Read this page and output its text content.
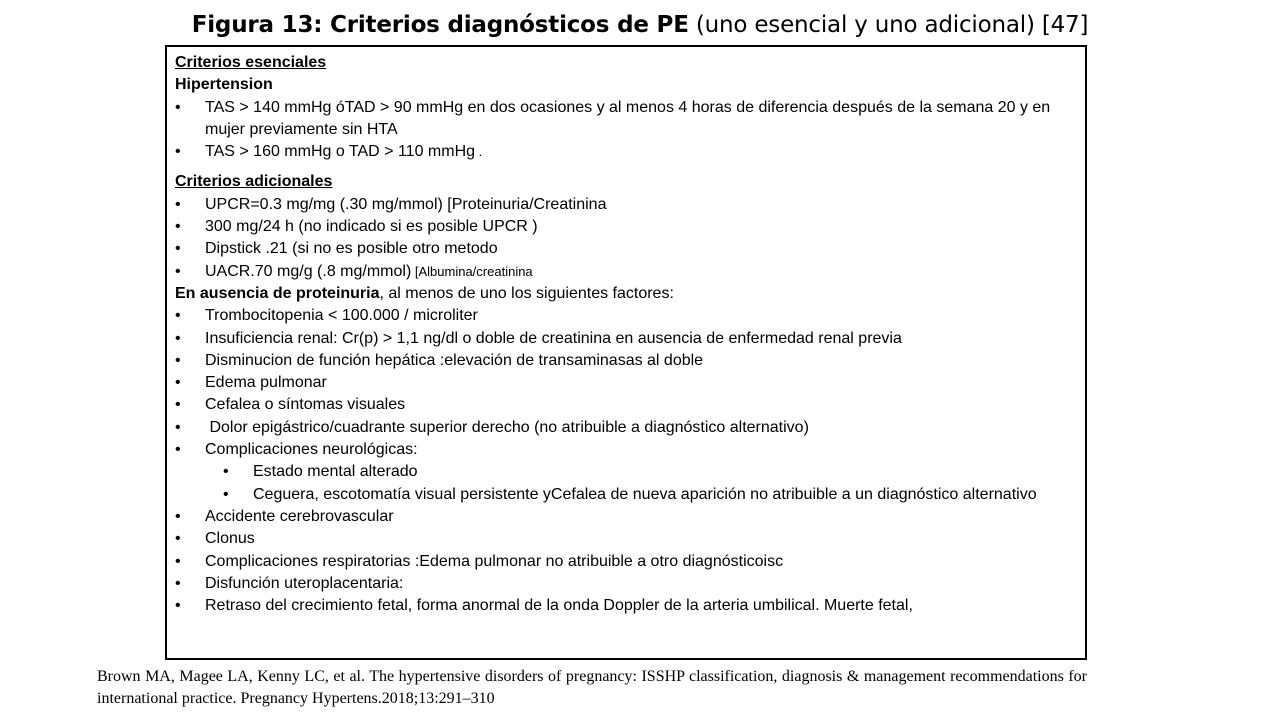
Figura 13: Criterios diagnósticos de PE (uno esencial y uno adicional) [47]
Criterios esenciales
Hipertension
• TAS > 140 mmHg óTAD > 90 mmHg en dos ocasiones y al menos 4 horas de diferencia después de la semana 20 y en mujer previamente sin HTA
• TAS > 160 mmHg o TAD > 110 mmHg .
Criterios adicionales
• UPCR=0.3 mg/mg (.30 mg/mmol) [Proteinuria/Creatinina
• 300 mg/24 h (no indicado si es posible UPCR )
• Dipstick .21 (si no es posible otro metodo
• UACR.70 mg/g (.8 mg/mmol) [Albumina/creatinina
En ausencia de proteinuria, al menos de uno los siguientes factores:
• Trombocitopenia < 100.000 / microliter
• Insuficiencia renal: Cr(p) > 1,1 ng/dl o doble de creatinina en ausencia de enfermedad renal previa
• Disminucion de función hepática :elevación de transaminasas al doble
• Edema pulmonar
• Cefalea o síntomas visuales
•  Dolor epigástrico/cuadrante superior derecho (no atribuible a diagnóstico alternativo)
• Complicaciones neurológicas:
• Estado mental alterado
• Ceguera, escotomatía visual persistente yCefalea de nueva aparición no atribuible a un diagnóstico alternativo
• Accidente cerebrovascular
• Clonus
• Complicaciones respiratorias :Edema pulmonar no atribuible a otro diagnósticoisc
• Disfunción uteroplacentaria:
• Retraso del crecimiento fetal, forma anormal de la onda Doppler de la arteria umbilical. Muerte fetal,
Brown MA, Magee LA, Kenny LC, et al. The hypertensive disorders of pregnancy: ISSHP classification, diagnosis & management recommendations for international practice. Pregnancy Hypertens.2018;13:291–310
